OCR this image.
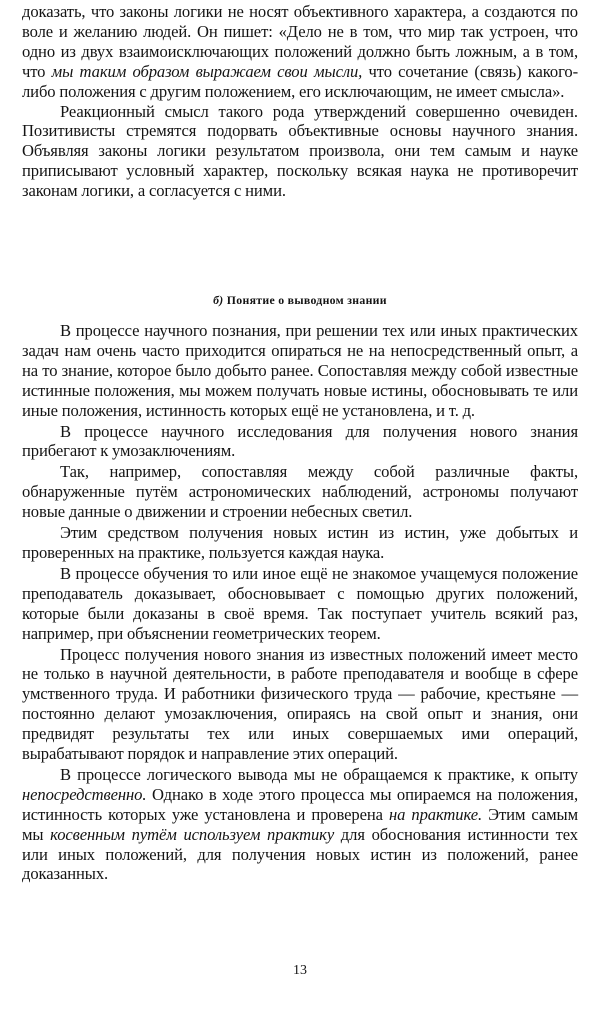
доказать, что законы логики не носят объективного характера, а создаются по воле и желанию людей. Он пишет: «Дело не в том, что мир так устроен, что одно из двух взаимоисключающих положений должно быть ложным, а в том, что мы таким образом выражаем свои мысли, что сочетание (связь) какого-либо положения с другим положением, его исключающим, не имеет смысла».

Реакционный смысл такого рода утверждений совершенно очевиден. Позитивисты стремятся подорвать объективные основы научного знания. Объявляя законы логики результатом произвола, они тем самым и науке приписывают условный характер, поскольку всякая наука не противоречит законам логики, а согласуется с ними.

б) Понятие о выводном знании

В процессе научного познания, при решении тех или иных практических задач нам очень часто приходится опираться не на непосредственный опыт, а на то знание, которое было добыто ранее. Сопоставляя между собой известные истинные положения, мы можем получать новые истины, обосновывать те или иные положения, истинность которых ещё не установлена, и т. д.

В процессе научного исследования для получения нового знания прибегают к умозаключениям.

Так, например, сопоставляя между собой различные факты, обнаруженные путём астрономических наблюдений, астрономы получают новые данные о движении и строении небесных светил.

Этим средством получения новых истин из истин, уже добытых и проверенных на практике, пользуется каждая наука.

В процессе обучения то или иное ещё не знакомое учащемуся положение преподаватель доказывает, обосновывает с помощью других положений, которые были доказаны в своё время. Так поступает учитель всякий раз, например, при объяснении геометрических теорем.

Процесс получения нового знания из известных положений имеет место не только в научной деятельности, в работе преподавателя и вообще в сфере умственного труда. И работники физического труда — рабочие, крестьяне — постоянно делают умозаключения, опираясь на свой опыт и знания, они предвидят результаты тех или иных совершаемых ими операций, вырабатывают порядок и направление этих операций.

В процессе логического вывода мы не обращаемся к практике, к опыту непосредственно. Однако в ходе этого процесса мы опираемся на положения, истинность которых уже установлена и проверена на практике. Этим самым мы косвенным путём используем практику для обоснования истинности тех или иных положений, для получения новых истин из положений, ранее доказанных.

13
